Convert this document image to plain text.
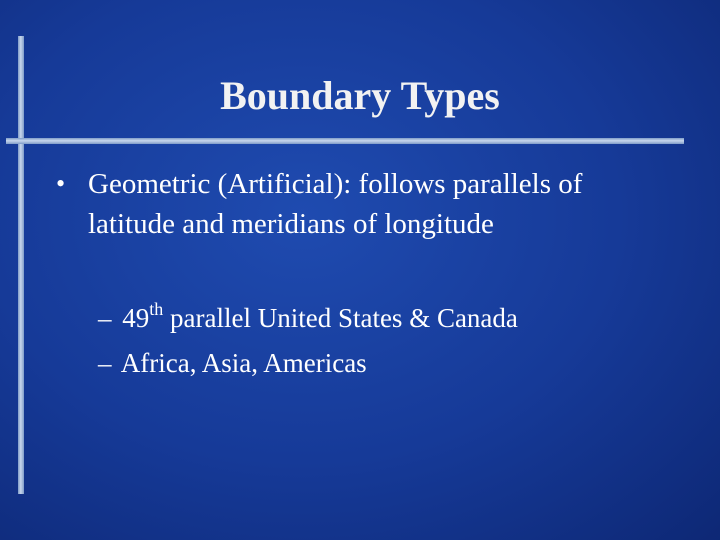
Boundary Types
• Geometric (Artificial): follows parallels of latitude and meridians of longitude
– 49th parallel United States & Canada
– Africa, Asia, Americas
